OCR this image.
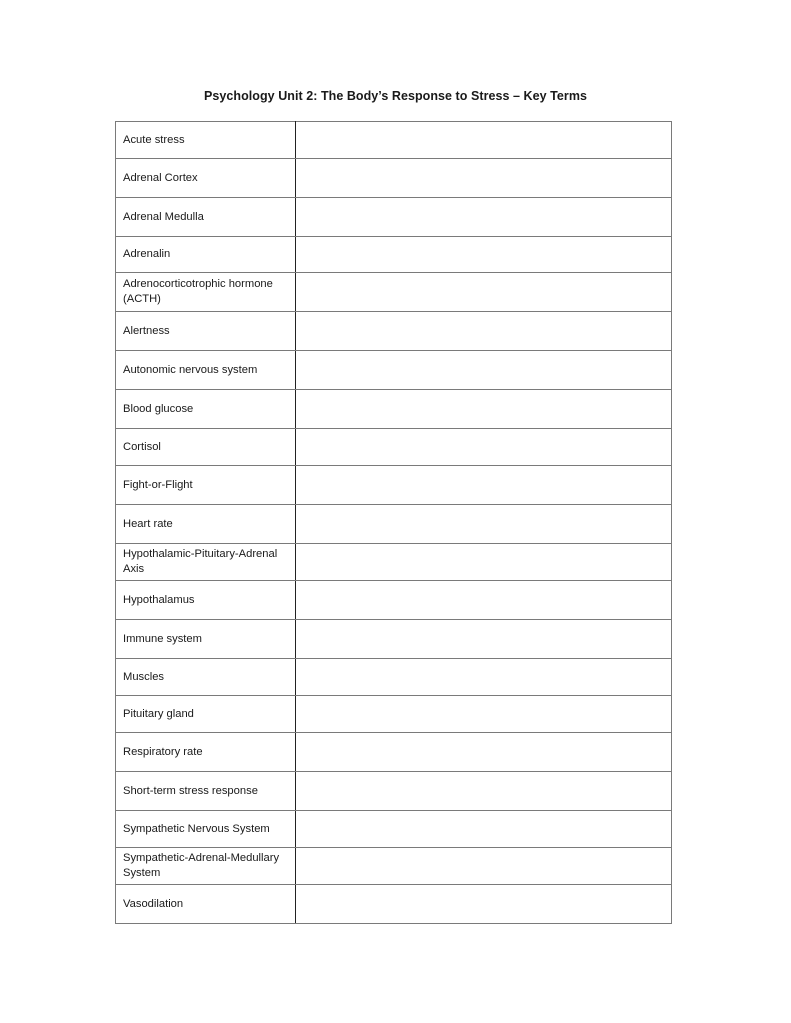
Psychology Unit 2: The Body’s Response to Stress – Key Terms
Acute stress	
Adrenal Cortex	
Adrenal Medulla	
Adrenalin	
Adrenocorticotrophic hormone (ACTH)	
Alertness	
Autonomic nervous system	
Blood glucose	
Cortisol	
Fight-or-Flight	
Heart rate	
Hypothalamic-Pituitary-Adrenal Axis	
Hypothalamus	
Immune system	
Muscles	
Pituitary gland	
Respiratory rate	
Short-term stress response	
Sympathetic Nervous System	
Sympathetic-Adrenal-Medullary System	
Vasodilation	
